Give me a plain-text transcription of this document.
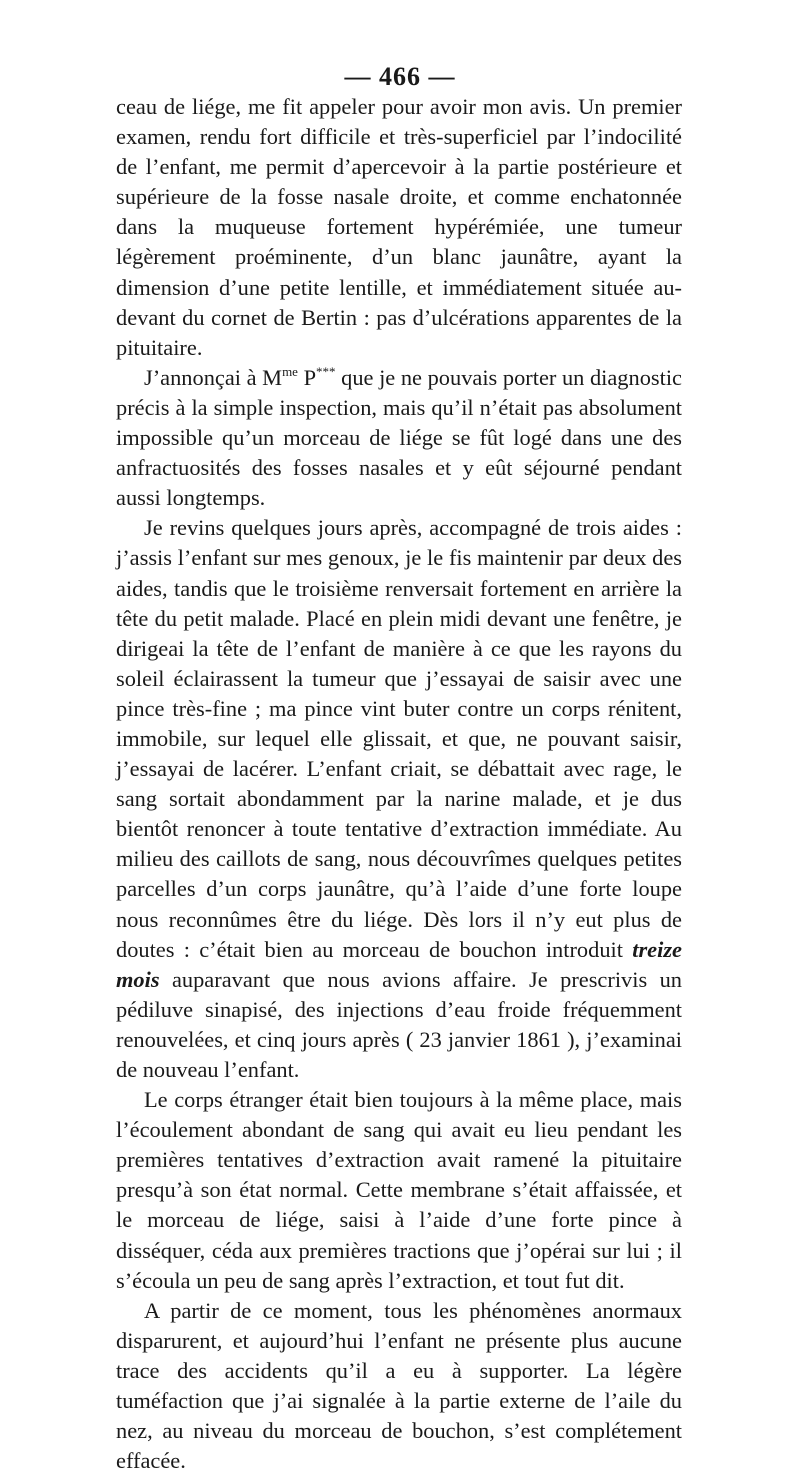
— 466 —

ceau de liége, me fit appeler pour avoir mon avis. Un premier examen, rendu fort difficile et très-superficiel par l’indocilité de l’enfant, me permit d’apercevoir à la partie postérieure et supérieure de la fosse nasale droite, et comme enchatonnée dans la muqueuse fortement hypérémiée, une tumeur légèrement proéminente, d’un blanc jaunâtre, ayant la dimension d’une petite lentille, et immédiatement située au-devant du cornet de Bertin : pas d’ulcérations apparentes de la pituitaire.

J’annonçai à $M^{me}$ P*** que je ne pouvais porter un diagnostic précis à la simple inspection, mais qu’il n’était pas absolument impossible qu’un morceau de liége se fût logé dans une des anfractuosités des fosses nasales et y eût séjourné pendant aussi longtemps.

Je revins quelques jours après, accompagné de trois aides : j’assis l’enfant sur mes genoux, je le fis maintenir par deux des aides, tandis que le troisième renversait fortement en arrière la tête du petit malade. Placé en plein midi devant une fenêtre, je dirigeai la tête de l’enfant de manière à ce que les rayons du soleil éclairassent la tumeur que j’essayai de saisir avec une pince très-fine ; ma pince vint buter contre un corps rénitent, immobile, sur lequel elle glissait, et que, ne pouvant saisir, j’essayai de lacérer. L’enfant criait, se débattait avec rage, le sang sortait abondamment par la narine malade, et je dus bientôt renoncer à toute tentative d’extraction immédiate. Au milieu des caillots de sang, nous découvrîmes quelques petites parcelles d’un corps jaunâtre, qu’à l’aide d’une forte loupe nous reconnûmes être du liége. Dès lors il n’y eut plus de doutes : c’était bien au morceau de bouchon introduit treize mois auparavant que nous avions affaire. Je prescrivis un pédiluve sinapisé, des injections d’eau froide fréquemment renouvelées, et cinq jours après ( 23 janvier 1861 ), j’examinai de nouveau l’enfant.

Le corps étranger était bien toujours à la même place, mais l’écoulement abondant de sang qui avait eu lieu pendant les premières tentatives d’extraction avait ramené la pituitaire presqu’à son état normal. Cette membrane s’était affaissée, et le morceau de liége, saisi à l’aide d’une forte pince à disséquer, céda aux premières tractions que j’opérai sur lui ; il s’écoula un peu de sang après l’extraction, et tout fut dit.

A partir de ce moment, tous les phénomènes anormaux disparurent, et aujourd’hui l’enfant ne présente plus aucune trace des accidents qu’il a eu à supporter. La légère tuméfaction que j’ai signalée à la partie externe de l’aile du nez, au niveau du morceau de bouchon, s’est complétement effacée.
